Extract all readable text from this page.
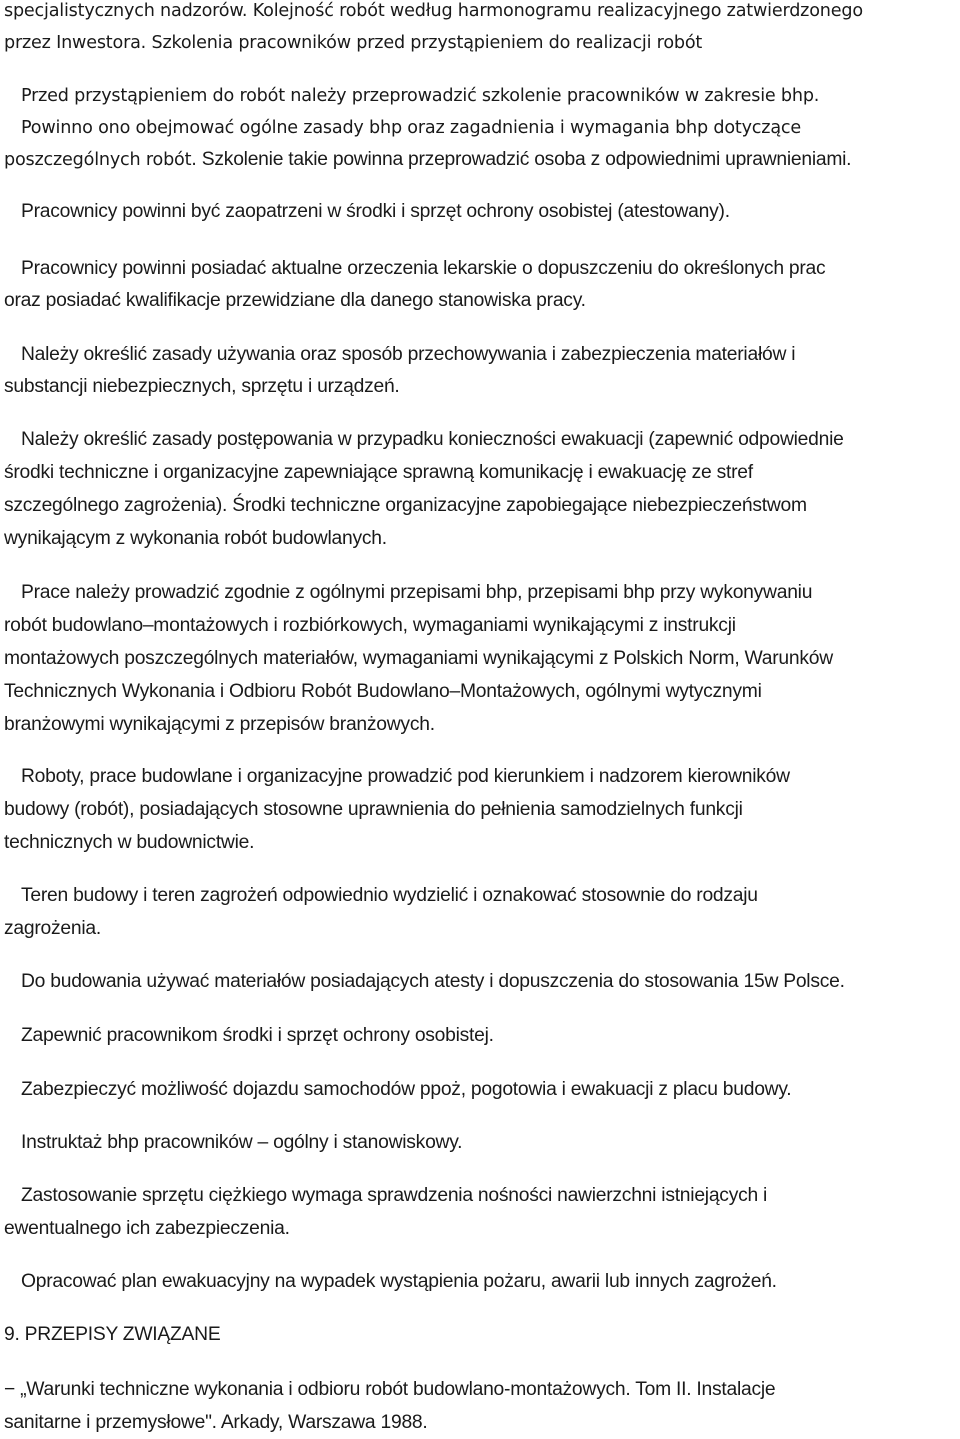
specjalistycznych nadzorów. Kolejność robót według harmonogramu realizacyjnego zatwierdzonego
przez Inwestora. Szkolenia pracowników przed przystąpieniem do realizacji robót
Przed przystąpieniem do robót należy przeprowadzić szkolenie pracowników w zakresie bhp.
Powinno ono obejmować ogólne zasady bhp oraz zagadnienia i wymagania bhp dotyczące
poszczególnych robót. Szkolenie takie powinna przeprowadzić osoba z odpowiednimi uprawnieniami.
Pracownicy powinni być zaopatrzeni w środki i sprzęt ochrony osobistej (atestowany).
Pracownicy powinni posiadać aktualne orzeczenia lekarskie o dopuszczeniu do określonych prac
oraz posiadać kwalifikacje przewidziane dla danego stanowiska pracy.
Należy określić zasady używania oraz sposób przechowywania i zabezpieczenia materiałów i
substancji niebezpiecznych, sprzętu i urządzeń.
Należy określić zasady postępowania w przypadku konieczności ewakuacji (zapewnić odpowiednie
środki techniczne i organizacyjne zapewniające sprawną komunikację i ewakuację ze stref
szczególnego zagrożenia). Środki techniczne organizacyjne zapobiegające niebezpieczeństwom
wynikającym z wykonania robót budowlanych.
Prace należy prowadzić zgodnie z ogólnymi przepisami bhp, przepisami bhp przy wykonywaniu
robót budowlano–montażowych i rozbiórkowych, wymaganiami wynikającymi z instrukcji
montażowych poszczególnych materiałów, wymaganiami wynikającymi z Polskich Norm, Warunków
Technicznych Wykonania i Odbioru Robót Budowlano–Montażowych, ogólnymi wytycznymi
branżowymi wynikającymi z przepisów branżowych.
Roboty, prace budowlane i organizacyjne prowadzić pod kierunkiem i nadzorem kierowników
budowy (robót), posiadających stosowne uprawnienia do pełnienia samodzielnych funkcji
technicznych w budownictwie.
Teren budowy i teren zagrożeń odpowiednio wydzielić i oznakować stosownie do rodzaju
zagrożenia.
Do budowania używać materiałów posiadających atesty i dopuszczenia do stosowania 15w Polsce.
Zapewnić pracownikom środki i sprzęt ochrony osobistej.
Zabezpieczyć możliwość dojazdu samochodów ppoż, pogotowia i ewakuacji z placu budowy.
Instruktaż bhp pracowników – ogólny i stanowiskowy.
Zastosowanie sprzętu ciężkiego wymaga sprawdzenia nośności nawierzchni istniejących i
ewentualnego ich zabezpieczenia.
Opracować plan ewakuacyjny na wypadek wystąpienia pożaru, awarii lub innych zagrożeń.
9. PRZEPISY ZWIĄZANE
− „Warunki techniczne wykonania i odbioru robót budowlano-montażowych. Tom II. Instalacje
sanitarne i przemysłowe". Arkady, Warszawa 1988.
